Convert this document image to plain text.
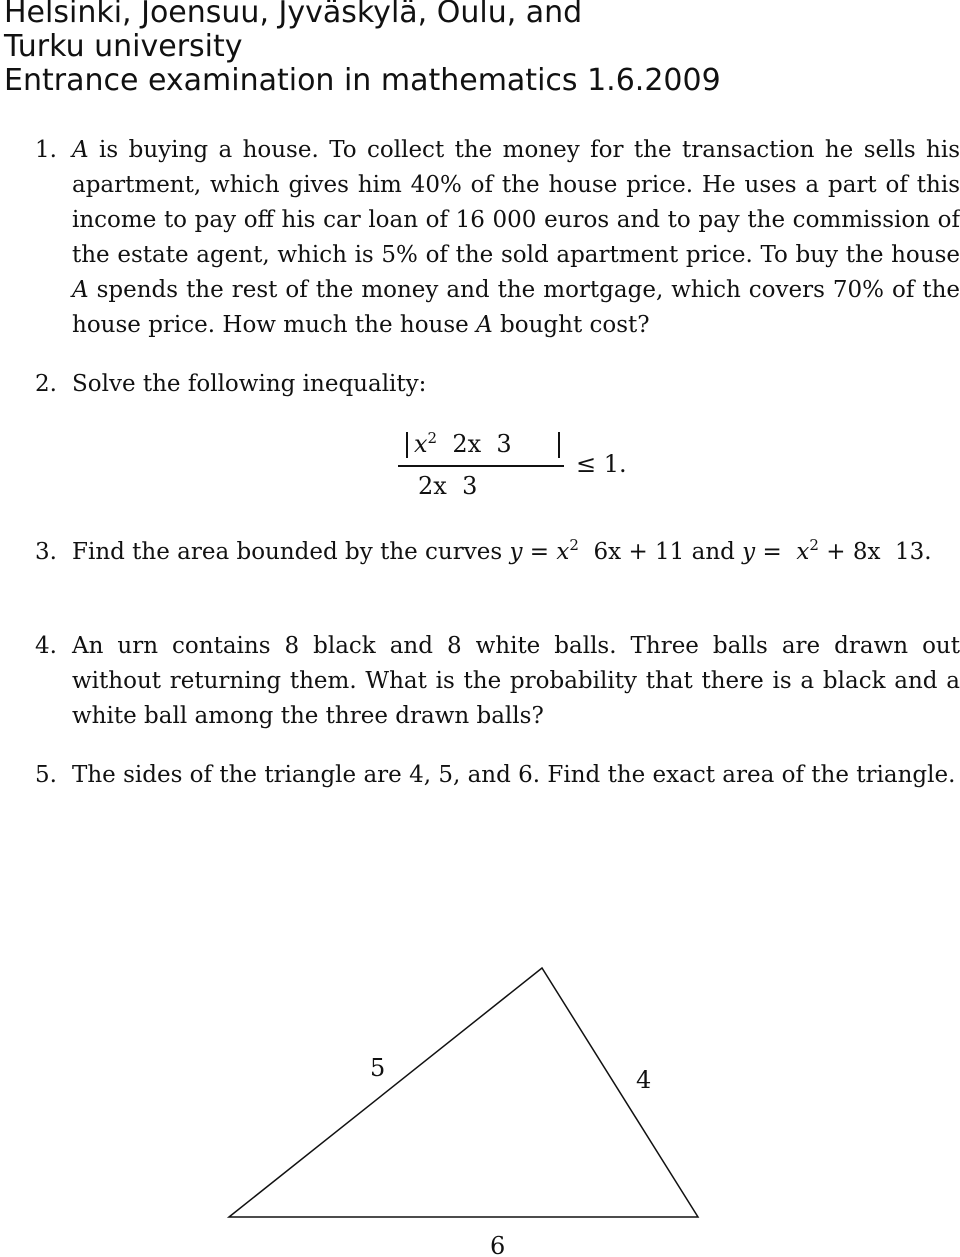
Helsinki, Joensuu, Jyväskylä, Oulu, and
Turku university
Entrance examination in mathematics 1.6.2009
1. A is buying a house. To collect the money for the transaction he sells his apartment, which gives him 40% of the house price. He uses a part of this income to pay off his car loan of 16 000 euros and to pay the commission of the estate agent, which is 5% of the sold apartment price. To buy the house A spends the rest of the money and the mortgage, which covers 70% of the house price. How much the house A bought cost?
2. Solve the following inequality:
$x^2$  2x  3
2x  3
≤ 1.
3. Find the area bounded by the curves $y = x^2$  6x + 11 and $y = x^2 + 8x$  13.
4. An urn contains 8 black and 8 white balls. Three balls are drawn out without returning them. What is the probability that there is a black and a white ball among the three drawn balls?
5. The sides of the triangle are 4, 5, and 6. Find the exact area of the triangle.
5	4
6
